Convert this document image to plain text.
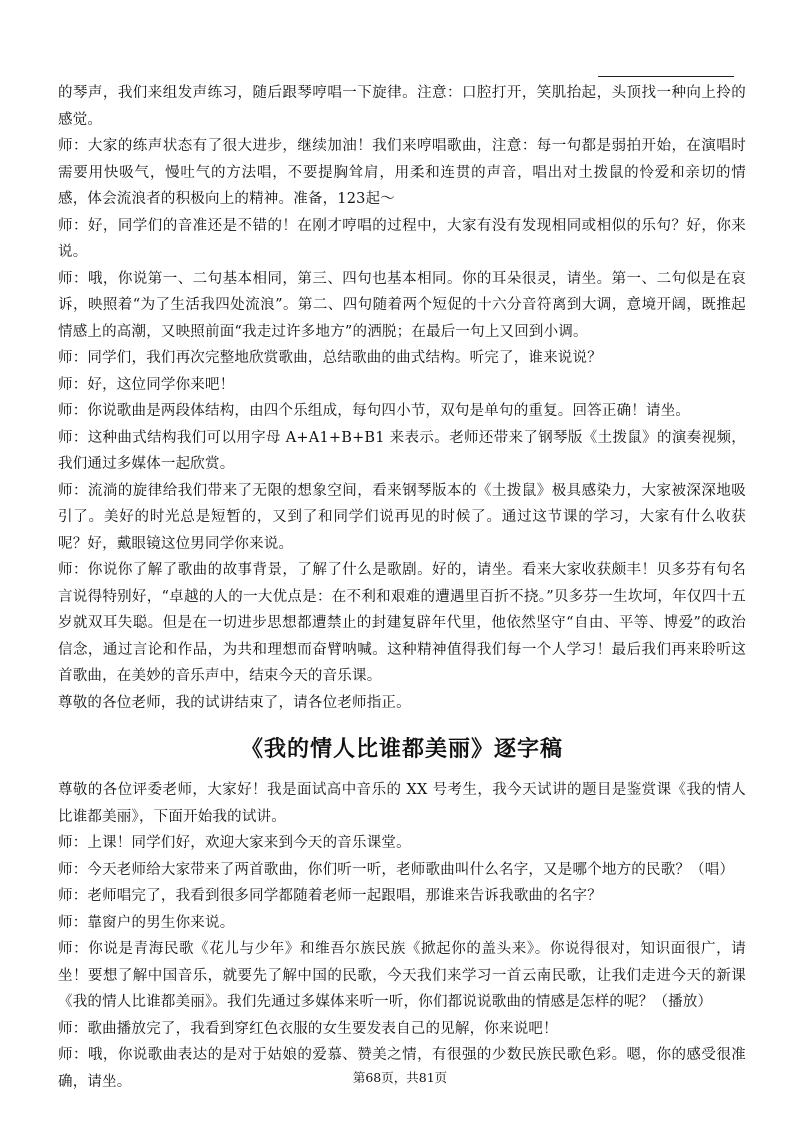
的琴声，我们来组发声练习，随后跟琴哼唱一下旋律。注意：口腔打开，笑肌抬起，头顶找一种向上拎的感觉。

师：大家的练声状态有了很大进步，继续加油！我们来哼唱歌曲，注意：每一句都是弱拍开始，在演唱时需要用快吸气，慢吐气的方法唱，不要提胸耸肩，用柔和连贯的声音，唱出对土拨鼠的怜爱和亲切的情感，体会流浪者的积极向上的精神。准备，123起～

师：好，同学们的音准还是不错的！在刚才哼唱的过程中，大家有没有发现相同或相似的乐句？好，你来说。

师：哦，你说第一、二句基本相同，第三、四句也基本相同。你的耳朵很灵，请坐。第一、二句似是在哀诉，映照着“为了生活我四处流浪”。第二、四句随着两个短促的十六分音符离到大调，意境开阔，既推起情感上的高潮，又映照前面“我走过许多地方”的洒脱；在最后一句上又回到小调。

师：同学们，我们再次完整地欣赏歌曲，总结歌曲的曲式结构。听完了，谁来说说？

师：好，这位同学你来吧！

师：你说歌曲是两段体结构，由四个乐组成，每句四小节，双句是单句的重复。回答正确！请坐。

师：这种曲式结构我们可以用字母 A+A1+B+B1 来表示。老师还带来了钢琴版《土拨鼠》的演奏视频，我们通过多媒体一起欣赏。

师：流淌的旋律给我们带来了无限的想象空间，看来钢琴版本的《土拨鼠》极具感染力，大家被深深地吸引了。美好的时光总是短暂的，又到了和同学们说再见的时候了。通过这节课的学习，大家有什么收获呢？好，戴眼镜这位男同学你来说。

师：你说你了解了歌曲的故事背景，了解了什么是歌剧。好的，请坐。看来大家收获颇丰！贝多芬有句名言说得特别好，“卓越的人的一大优点是：在不利和艰难的遭遇里百折不挠。”贝多芬一生坎坷，年仅四十五岁就双耳失聪。但是在一切进步思想都遭禁止的封建复辟年代里，他依然坚守“自由、平等、博爱”的政治信念，通过言论和作品，为共和理想而奋臂呐喊。这种精神值得我们每一个人学习！最后我们再来聆听这首歌曲，在美妙的音乐声中，结束今天的音乐课。

尊敬的各位老师，我的试讲结束了，请各位老师指正。

《我的情人比谁都美丽》逐字稿

尊敬的各位评委老师，大家好！我是面试高中音乐的 XX 号考生，我今天试讲的题目是鉴赏课《我的情人比谁都美丽》，下面开始我的试讲。

师：上课！同学们好，欢迎大家来到今天的音乐课堂。

师：今天老师给大家带来了两首歌曲，你们听一听，老师歌曲叫什么名字，又是哪个地方的民歌？（唱）

师：老师唱完了，我看到很多同学都随着老师一起跟唱，那谁来告诉我歌曲的名字？

师：靠窗户的男生你来说。

师：你说是青海民歌《花儿与少年》和维吾尔族民族《掀起你的盖头来》。你说得很对，知识面很广，请坐！要想了解中国音乐，就要先了解中国的民歌，今天我们来学习一首云南民歌，让我们走进今天的新课《我的情人比谁都美丽》。我们先通过多媒体来听一听，你们都说说歌曲的情感是怎样的呢？（播放）

师：歌曲播放完了，我看到穿红色衣服的女生要发表自己的见解，你来说吧！

师：哦，你说歌曲表达的是对于姑娘的爱慕、赞美之情，有很强的少数民族民歌色彩。嗯，你的感受很准确，请坐。	第68页，共81页
